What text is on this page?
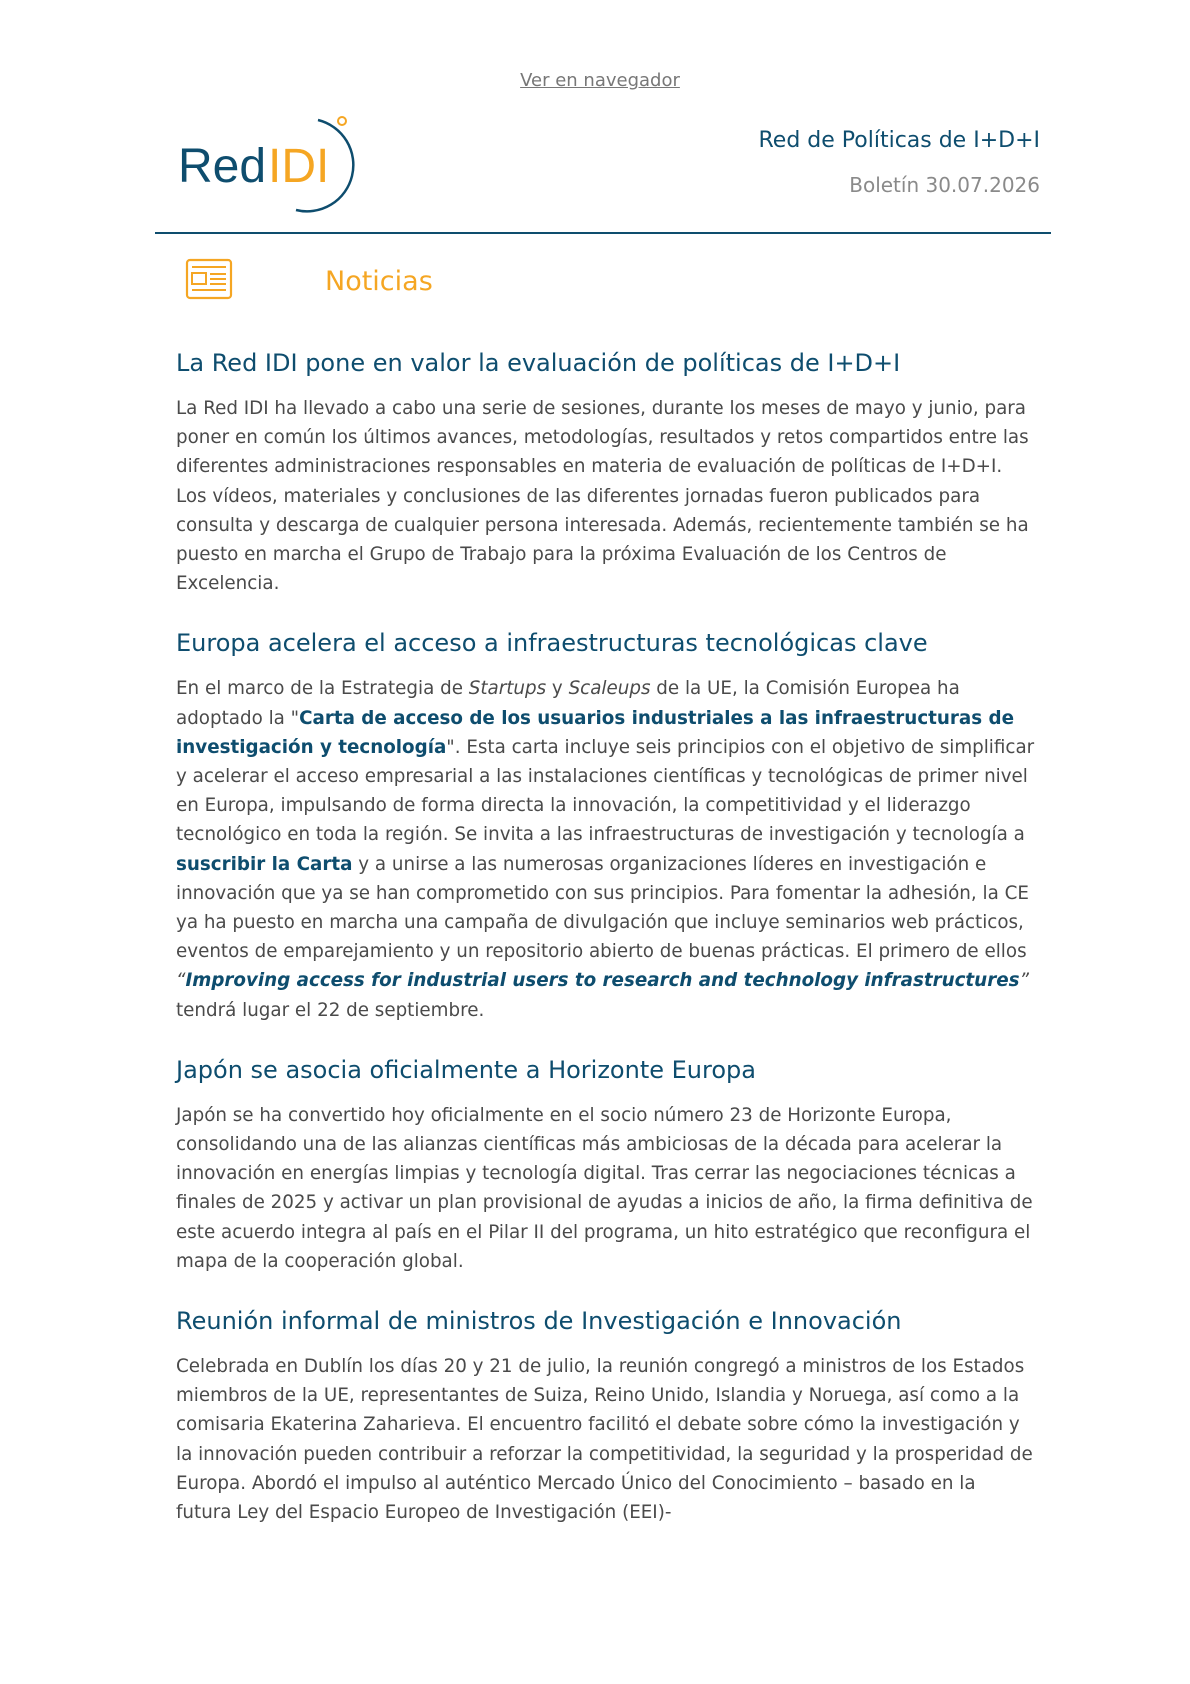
Ver en navegador
Red IDI	Red de Políticas de I+D+I
Boletín 30.07.2026
Noticias
La Red IDI pone en valor la evaluación de políticas de I+D+I

La Red IDI ha llevado a cabo una serie de sesiones, durante los meses de mayo y junio, para poner en común los últimos avances, metodologías, resultados y retos compartidos entre las diferentes administraciones responsables en materia de evaluación de políticas de I+D+I. Los vídeos, materiales y conclusiones de las diferentes jornadas fueron publicados para consulta y descarga de cualquier persona interesada. Además, recientemente también se ha puesto en marcha el Grupo de Trabajo para la próxima Evaluación de los Centros de Excelencia.

Europa acelera el acceso a infraestructuras tecnológicas clave

En el marco de la Estrategia de Startups y Scaleups de la UE, la Comisión Europea ha adoptado la "Carta de acceso de los usuarios industriales a las infraestructuras de investigación y tecnología". Esta carta incluye seis principios con el objetivo de simplificar y acelerar el acceso empresarial a las instalaciones científicas y tecnológicas de primer nivel en Europa, impulsando de forma directa la innovación, la competitividad y el liderazgo tecnológico en toda la región. Se invita a las infraestructuras de investigación y tecnología a suscribir la Carta y a unirse a las numerosas organizaciones líderes en investigación e innovación que ya se han comprometido con sus principios. Para fomentar la adhesión, la CE ya ha puesto en marcha una campaña de divulgación que incluye seminarios web prácticos, eventos de emparejamiento y un repositorio abierto de buenas prácticas. El primero de ellos “Improving access for industrial users to research and technology infrastructures” tendrá lugar el 22 de septiembre.

Japón se asocia oficialmente a Horizonte Europa

Japón se ha convertido hoy oficialmente en el socio número 23 de Horizonte Europa, consolidando una de las alianzas científicas más ambiciosas de la década para acelerar la innovación en energías limpias y tecnología digital. Tras cerrar las negociaciones técnicas a finales de 2025 y activar un plan provisional de ayudas a inicios de año, la firma definitiva de este acuerdo integra al país en el Pilar II del programa, un hito estratégico que reconfigura el mapa de la cooperación global.

Reunión informal de ministros de Investigación e Innovación

Celebrada en Dublín los días 20 y 21 de julio, la reunión congregó a ministros de los Estados miembros de la UE, representantes de Suiza, Reino Unido, Islandia y Noruega, así como a la comisaria Ekaterina Zaharieva. El encuentro facilitó el debate sobre cómo la investigación y la innovación pueden contribuir a reforzar la competitividad, la seguridad y la prosperidad de Europa. Abordó el impulso al auténtico Mercado Único del Conocimiento – basado en la futura Ley del Espacio Europeo de Investigación (EEI)-
